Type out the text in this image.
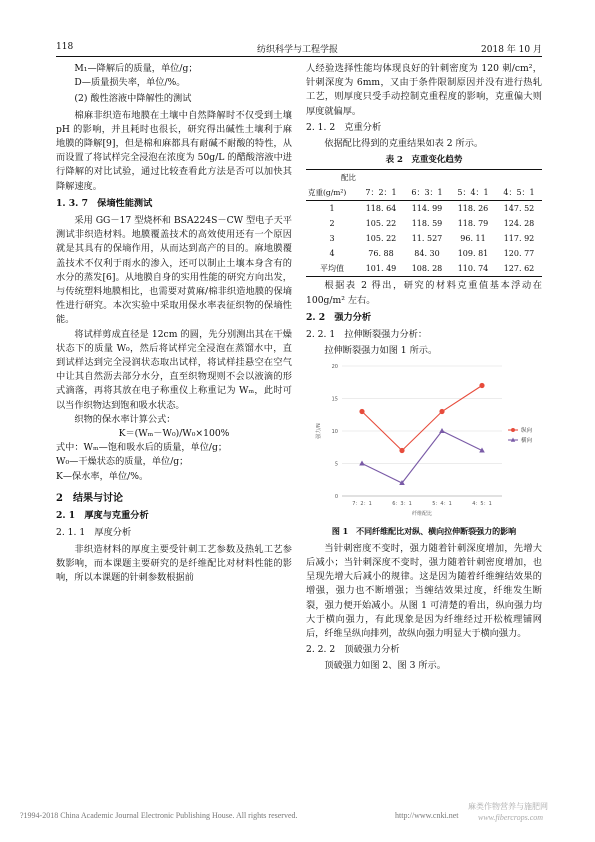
118	纺织科学与工程学报	2018 年 10 月

M₁—降解后的质量，单位/g；

D—质量损失率，单位/%。

(2) 酸性溶液中降解性的测试

棉麻非织造布地膜在土壤中自然降解时不仅受到土壤 pH 的影响，并且耗时也很长，研究得出碱性土壤利于麻地膜的降解[9]，但是棉和麻都具有耐碱不耐酸的特性，从而设置了将试样完全浸泡在浓度为 50g/L 的醋酸溶液中进行降解的对比试验，通过比较查看此方法是否可以加快其降解速度。

1. 3. 7　保墒性能测试

采用 GG－17 型烧杯和 BSA224S－CW 型电子天平测试非织造材料。地膜覆盖技术的高效使用还有一个原因就是其具有的保墒作用，从而达到高产的目的。麻地膜覆盖技术不仅利于雨水的渗入，还可以制止土壤本身含有的水分的蒸发[6]。从地膜自身的实用性能的研究方向出发，与传统塑料地膜相比，也需要对黄麻/棉非织造地膜的保墒性进行研究。本次实验中采取用保水率表征织物的保墒性能。

将试样剪成直径是 12cm 的圆，先分别测出其在干燥状态下的质量 W₀，然后将试样完全浸泡在蒸馏水中，直到试样达到完全浸润状态取出试样，将试样挂悬空在空气中让其自然沥去部分水分，直至织物现则不会以液滴的形式滴落，再将其放在电子称重仪上称重记为 Wₘ，此时可以当作织物达到饱和吸水状态。

织物的保水率计算公式：

K＝(Wₘ－W₀)/W₀×100%

式中：Wₘ—饱和吸水后的质量，单位/g；

W₀—干燥状态的质量，单位/g；

K—保水率，单位/%。

2　结果与讨论

2. 1　厚度与克重分析

2. 1. 1　厚度分析

非织造材料的厚度主要受针刺工艺参数及热轧工艺参数影响，而本课题主要研究的是纤维配比对材料性能的影响，所以本课题的针刺参数根据前

人经验选择性能均体现良好的针刺密度为 120 刺/cm²，针刺深度为 6mm，又由于条件限制原因并没有进行热轧工艺，则厚度只受手动控制克重程度的影响，克重偏大则厚度就偏厚。

2. 1. 2　克重分析

依据配比得到的克重结果如表 2 所示。

表 2　克重变化趋势

配比				
克重(g/m²)	7：2：1	6：3：1	5：4：1	4：5：1
1	118. 64	114. 99	118. 26	147. 52
2	105. 22	118. 59	118. 79	124. 28
3	105. 22	11. 527	96. 11	117. 92
4	76. 88	84. 30	109. 81	120. 77
平均值	101. 49	108. 28	110. 74	127. 62

根据表 2 得出，研究的材料克重值基本浮动在 100g/m² 左右。

2. 2　强力分析

2. 2. 1　拉伸断裂强力分析：

拉伸断裂强力如图 1 所示。

0
5
10
15
20
7：2：1	6：3：1	5：4：1	4：5：1
强力/N
纤维配比
纵向
横向

图 1　不同纤维配比对纵、横向拉伸断裂强力的影响

当针刺密度不变时，强力随着针刺深度增加，先增大后减小；当针刺深度不变时，强力随着针刺密度增加，也呈现先增大后减小的规律。这是因为随着纤维缠结效果的增强，强力也不断增强；当缠结效果过度，纤维发生断裂，强力便开始减小。从图 1 可清楚的看出，纵向强力均大于横向强力，有此现象是因为纤维经过开松梳理铺网后，纤维呈纵向排列，故纵向强力明显大于横向强力。

2. 2. 2　顶破强力分析

顶破强力如图 2、图 3 所示。

?1994-2018 China Academic Journal Electronic Publishing House. All rights reserved.	http://www.cnki.net
麻类作物营养与施肥网
www.fibercrops.com
